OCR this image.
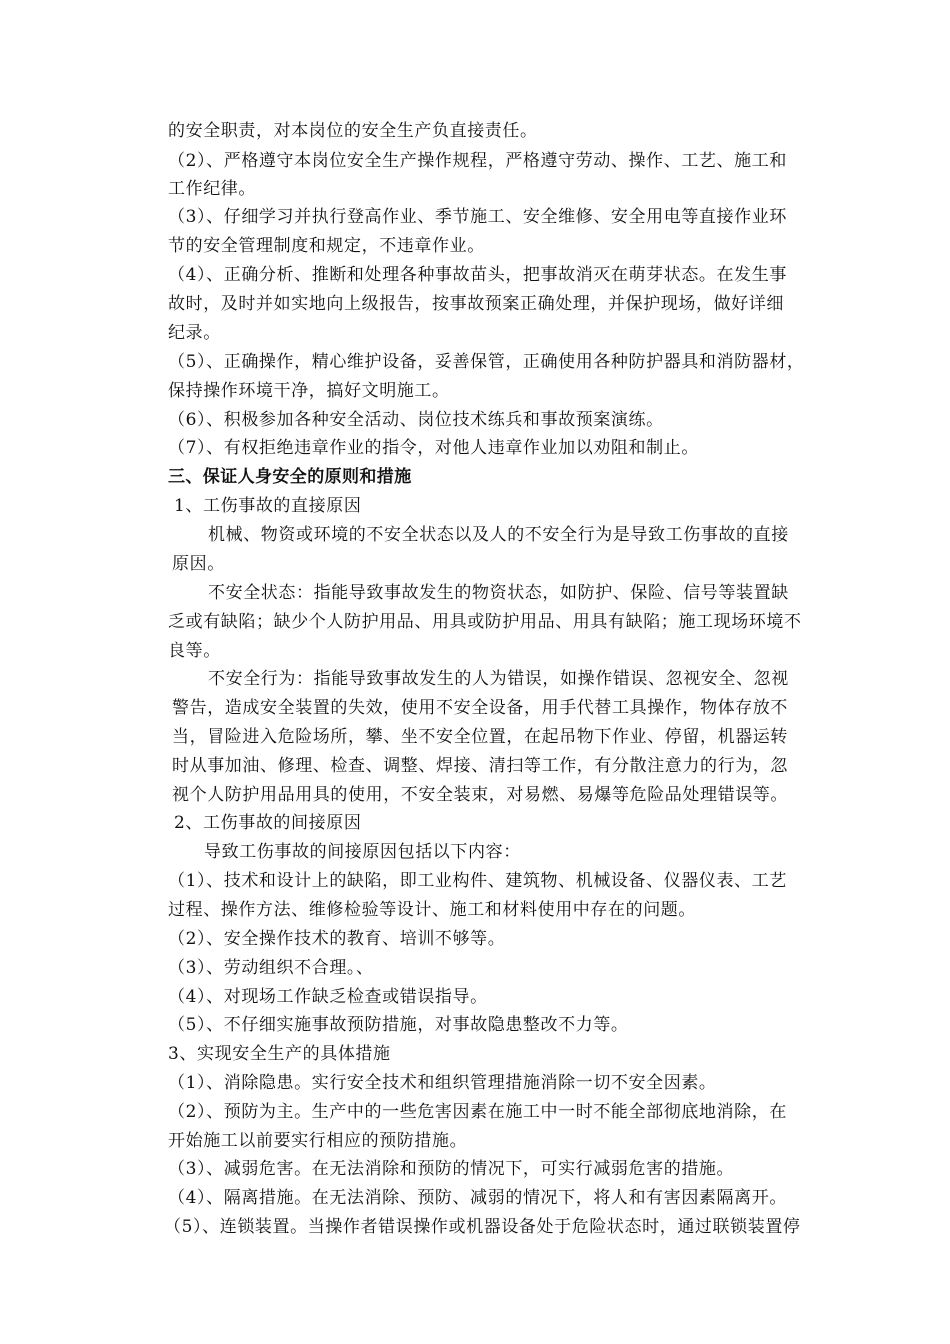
的安全职责，对本岗位的安全生产负直接责任。
（2）、严格遵守本岗位安全生产操作规程，严格遵守劳动、操作、工艺、施工和
工作纪律。
（3）、仔细学习并执行登高作业、季节施工、安全维修、安全用电等直接作业环
节的安全管理制度和规定，不违章作业。
（4）、正确分析、推断和处理各种事故苗头，把事故消灭在萌芽状态。在发生事
故时，及时并如实地向上级报告，按事故预案正确处理，并保护现场，做好详细
纪录。
（5）、正确操作，精心维护设备，妥善保管，正确使用各种防护器具和消防器材，
保持操作环境干净，搞好文明施工。
（6）、积极参加各种安全活动、岗位技术练兵和事故预案演练。
（7）、有权拒绝违章作业的指令，对他人违章作业加以劝阻和制止。
三、保证人身安全的原则和措施
1、工伤事故的直接原因
机械、物资或环境的不安全状态以及人的不安全行为是导致工伤事故的直接
原因。
不安全状态：指能导致事故发生的物资状态，如防护、保险、信号等装置缺
乏或有缺陷；缺少个人防护用品、用具或防护用品、用具有缺陷；施工现场环境不
良等。
不安全行为：指能导致事故发生的人为错误，如操作错误、忽视安全、忽视
警告，造成安全装置的失效，使用不安全设备，用手代替工具操作，物体存放不
当，冒险进入危险场所，攀、坐不安全位置，在起吊物下作业、停留，机器运转
时从事加油、修理、检查、调整、焊接、清扫等工作，有分散注意力的行为，忽
视个人防护用品用具的使用，不安全装束，对易燃、易爆等危险品处理错误等。
2、工伤事故的间接原因
导致工伤事故的间接原因包括以下内容：
（1）、技术和设计上的缺陷，即工业构件、建筑物、机械设备、仪器仪表、工艺
过程、操作方法、维修检验等设计、施工和材料使用中存在的问题。
（2）、安全操作技术的教育、培训不够等。
（3）、劳动组织不合理。、
（4）、对现场工作缺乏检查或错误指导。
（5）、不仔细实施事故预防措施，对事故隐患整改不力等。
3、实现安全生产的具体措施
（1）、消除隐患。实行安全技术和组织管理措施消除一切不安全因素。
（2）、预防为主。生产中的一些危害因素在施工中一时不能全部彻底地消除，在
开始施工以前要实行相应的预防措施。
（3）、减弱危害。在无法消除和预防的情况下，可实行减弱危害的措施。
（4）、隔离措施。在无法消除、预防、减弱的情况下，将人和有害因素隔离开。
（5）、连锁装置。当操作者错误操作或机器设备处于危险状态时，通过联锁装置停
